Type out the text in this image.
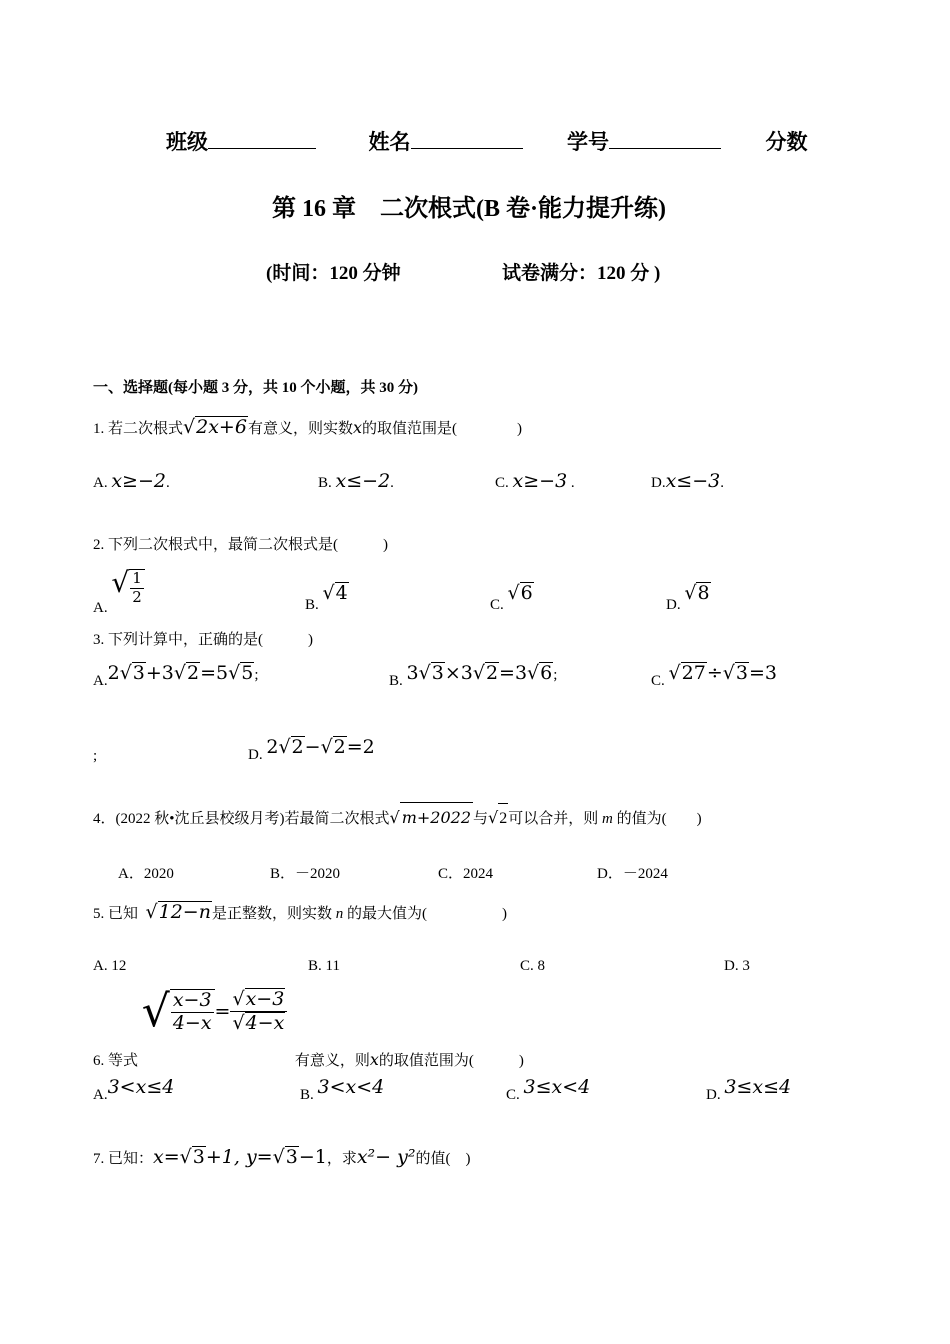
班级	姓名	学号	分数
第 16 章　二次根式(B 卷·能力提升练)
(时间：120 分钟	试卷满分：120 分 )
一、选择题(每小题 3 分，共 10 个小题，共 30 分)
1. 若二次根式√2x+6有意义，则实数x的取值范围是(　　　　)
A. x≥−2.	B. x≤−2.	C. x≥−3 .	D.x≤−3.
2. 下列二次根式中，最简二次根式是(　　　)
A. √ $\frac{1}{2}$	B. √4
C. √6
D. √8
3. 下列计算中，正确的是(　　　)
A.2√3+3√2=5√5;	B. 3√3×3√2=3√6;	C. √27÷√3=3
;	D. 2√2−√2=2
4．(2022 秋•沈丘县校级月考)若最简二次根式√ m+2022 与√2可以合并，则 m 的值为(　　)
A．2020	B．－2020	C．2024	D．－2024
5. 已知 √12−n是正整数，则实数 n 的最大值为(　　　　　)
A. 12	B. 11	C. 8	D. 3
6. 等式 √ $\frac{x-3}{4-x} = \frac{√x-3}{√4-x}$
有意义，则x的取值范围为(　　　)
A.3<x≤4	B. 3<x<4	C. 3≤x<4	D. 3≤x≤4
7. 已知：x=√3+1, y=√3−1，求x²− y²的值(　)
